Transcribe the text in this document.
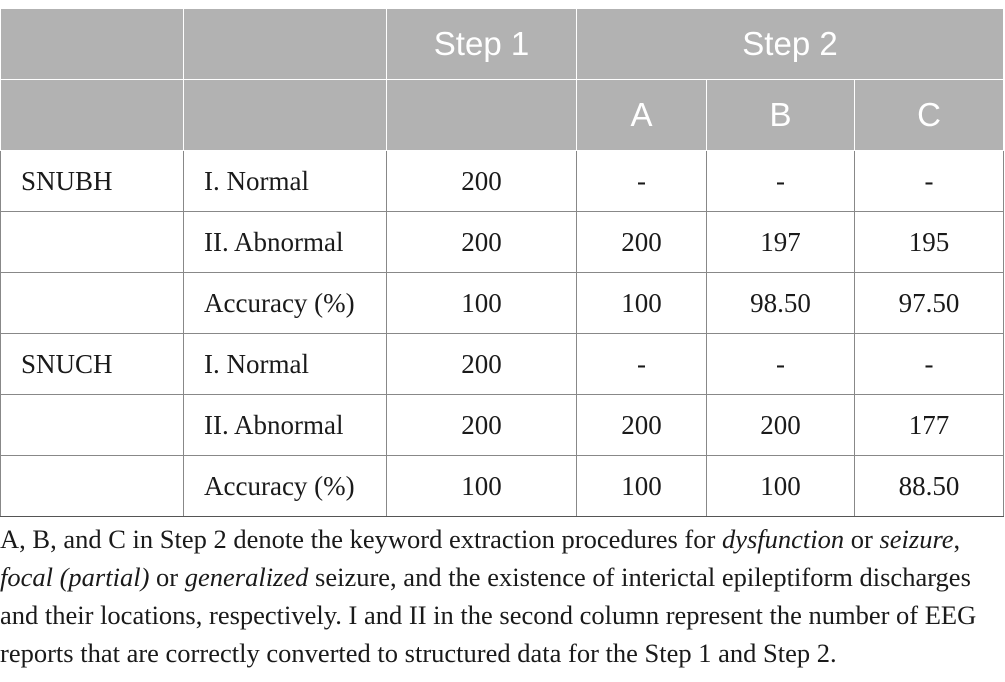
		Step 1	Step 2		
			A	B	C
SNUBH	I. Normal	200	-	-	-
	II. Abnormal	200	200	197	195
	Accuracy (%)	100	100	98.50	97.50
SNUCH	I. Normal	200	-	-	-
	II. Abnormal	200	200	200	177
	Accuracy (%)	100	100	100	88.50

A, B, and C in Step 2 denote the keyword extraction procedures for dysfunction or seizure, focal (partial) or generalized seizure, and the existence of interictal epileptiform discharges and their locations, respectively. I and II in the second column represent the number of EEG reports that are correctly converted to structured data for the Step 1 and Step 2.
